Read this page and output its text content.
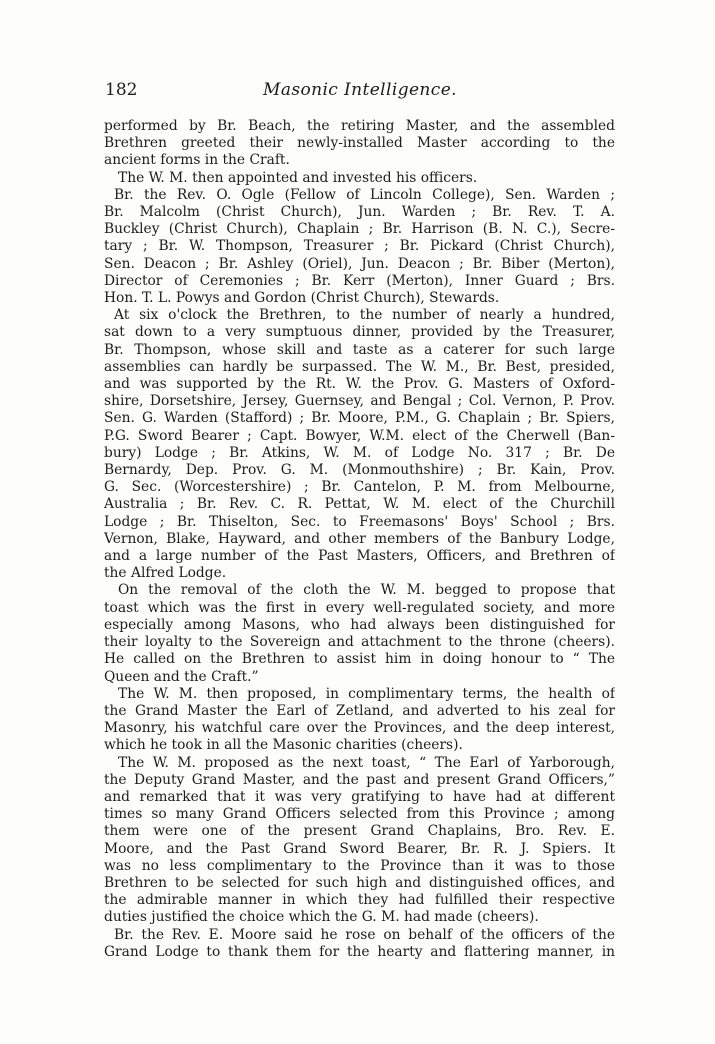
182	Masonic Intelligence.
performed by Br. Beach, the retiring Master, and the assembled
Brethren greeted their newly-installed Master according to the
ancient forms in the Craft.
The W. M. then appointed and invested his officers.
Br. the Rev. O. Ogle (Fellow of Lincoln College), Sen. Warden ;
Br. Malcolm (Christ Church), Jun. Warden ; Br. Rev. T. A.
Buckley (Christ Church), Chaplain ; Br. Harrison (B. N. C.), Secre-
tary ; Br. W. Thompson, Treasurer ; Br. Pickard (Christ Church),
Sen. Deacon ; Br. Ashley (Oriel), Jun. Deacon ; Br. Biber (Merton),
Director of Ceremonies ; Br. Kerr (Merton), Inner Guard ; Brs.
Hon. T. L. Powys and Gordon (Christ Church), Stewards.
At six o'clock the Brethren, to the number of nearly a hundred,
sat down to a very sumptuous dinner, provided by the Treasurer,
Br. Thompson, whose skill and taste as a caterer for such large
assemblies can hardly be surpassed. The W. M., Br. Best, presided,
and was supported by the Rt. W. the Prov. G. Masters of Oxford-
shire, Dorsetshire, Jersey, Guernsey, and Bengal ; Col. Vernon, P. Prov.
Sen. G. Warden (Stafford) ; Br. Moore, P.M., G. Chaplain ; Br. Spiers,
P.G. Sword Bearer ; Capt. Bowyer, W.M. elect of the Cherwell (Ban-
bury) Lodge ; Br. Atkins, W. M. of Lodge No. 317 ; Br. De
Bernardy, Dep. Prov. G. M. (Monmouthshire) ; Br. Kain, Prov.
G. Sec. (Worcestershire) ; Br. Cantelon, P. M. from Melbourne,
Australia ; Br. Rev. C. R. Pettat, W. M. elect of the Churchill
Lodge ; Br. Thiselton, Sec. to Freemasons' Boys' School ; Brs.
Vernon, Blake, Hayward, and other members of the Banbury Lodge,
and a large number of the Past Masters, Officers, and Brethren of
the Alfred Lodge.
On the removal of the cloth the W. M. begged to propose that
toast which was the first in every well-regulated society, and more
especially among Masons, who had always been distinguished for
their loyalty to the Sovereign and attachment to the throne (cheers).
He called on the Brethren to assist him in doing honour to “ The
Queen and the Craft.”
The W. M. then proposed, in complimentary terms, the health of
the Grand Master the Earl of Zetland, and adverted to his zeal for
Masonry, his watchful care over the Provinces, and the deep interest,
which he took in all the Masonic charities (cheers).
The W. M. proposed as the next toast, “ The Earl of Yarborough,
the Deputy Grand Master, and the past and present Grand Officers,”
and remarked that it was very gratifying to have had at different
times so many Grand Officers selected from this Province ; among
them were one of the present Grand Chaplains, Bro. Rev. E.
Moore, and the Past Grand Sword Bearer, Br. R. J. Spiers. It
was no less complimentary to the Province than it was to those
Brethren to be selected for such high and distinguished offices, and
the admirable manner in which they had fulfilled their respective
duties justified the choice which the G. M. had made (cheers).
Br. the Rev. E. Moore said he rose on behalf of the officers of the
Grand Lodge to thank them for the hearty and flattering manner, in
